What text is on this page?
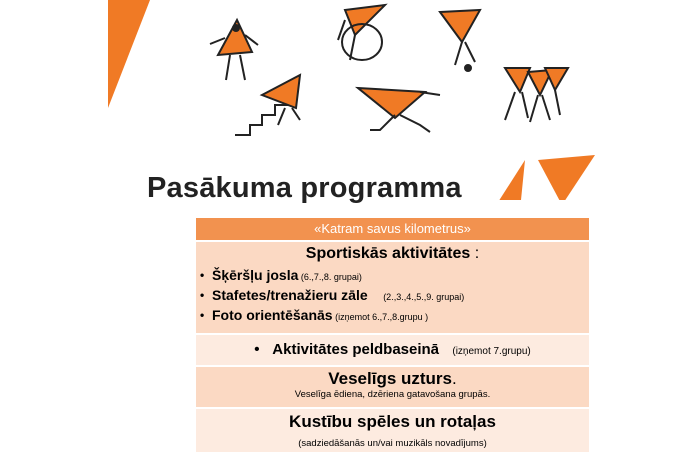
Pasākuma programma
«Katram savus kilometrus»
Sportiskās aktivitātes :
• Šķēršļu josla (6.,7.,8. grupai)
• Stafetes/trenažieru zāle (2.,3.,4.,5.,9. grupai)
• Foto orientēšanās (izņemot 6.,7.,8.grupu )
•   Aktivitātes peldbaseinā (izņemot 7.grupu)
Veselīgs uzturs.
Veselīga ēdiena, dzēriena gatavošana grupās.
Kustību spēles un rotaļas
(sadziedāšanās un/vai muzikāls novadījums)
